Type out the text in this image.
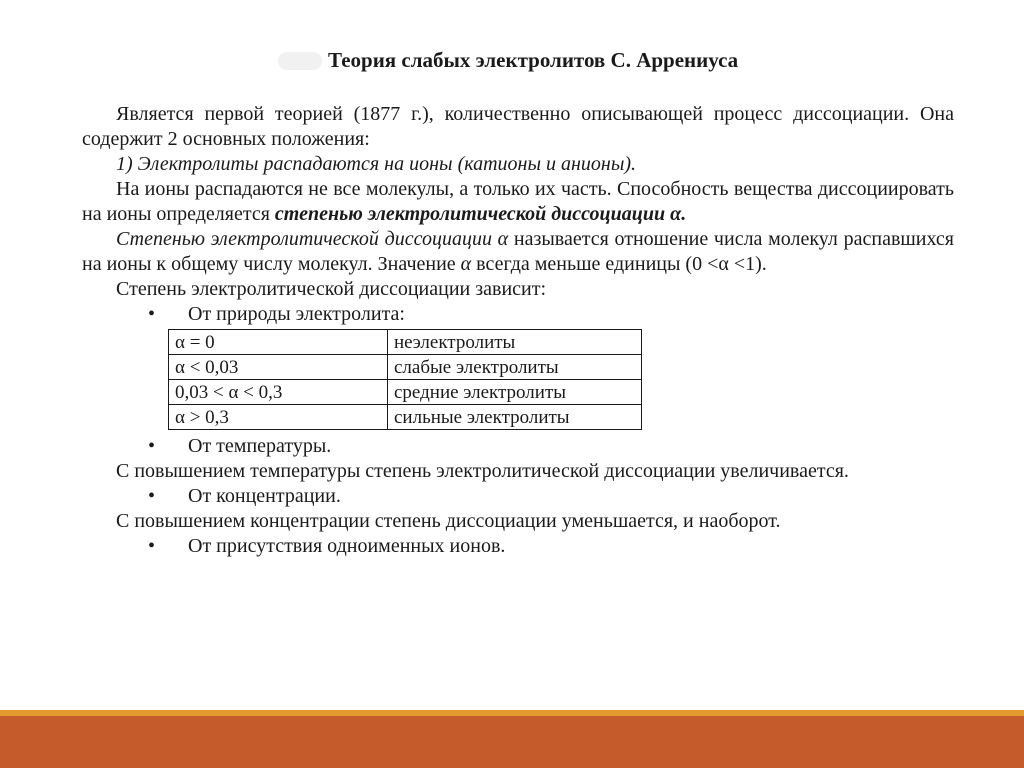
Теория слабых электролитов С. Аррениуса

Является первой теорией (1877 г.), количественно описывающей процесс диссоциации. Она содержит 2 основных положения:

1) Электролиты распадаются на ионы (катионы и анионы).

На ионы распадаются не все молекулы, а только их часть. Способность вещества диссоциировать на ионы определяется степенью электролитической диссоциации α.

Степенью электролитической диссоциации α называется отношение числа молекул распавшихся на ионы к общему числу молекул. Значение α всегда меньше единицы (0 <α <1).

Степень электролитической диссоциации зависит:

• От природы электролита:

α = 0	неэлектролиты
α < 0,03	слабые электролиты
0,03 < α < 0,3	средние электролиты
α > 0,3	сильные электролиты

• От температуры.

С повышением температуры степень электролитической диссоциации увеличивается.

• От концентрации.

С повышением концентрации степень диссоциации уменьшается, и наоборот.

• От присутствия одноименных ионов.
